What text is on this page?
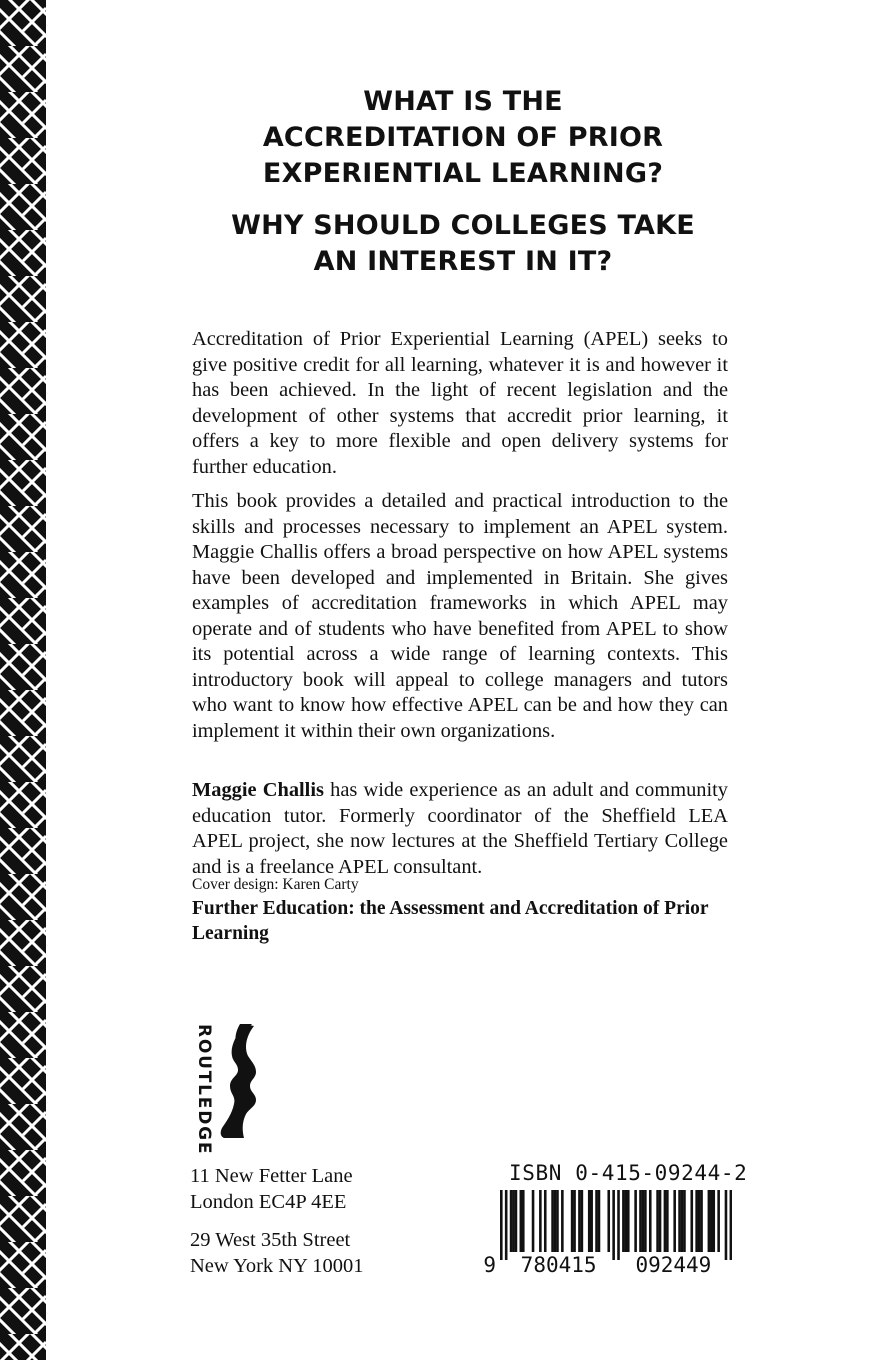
WHAT IS THE
ACCREDITATION OF PRIOR
EXPERIENTIAL LEARNING?
WHY SHOULD COLLEGES TAKE
AN INTEREST IN IT?

Accreditation of Prior Experiential Learning (APEL) seeks to give positive credit for all learning, whatever it is and however it has been achieved. In the light of recent legislation and the development of other systems that accredit prior learning, it offers a key to more flexible and open delivery systems for further education.

This book provides a detailed and practical introduction to the skills and processes necessary to implement an APEL system. Maggie Challis offers a broad perspective on how APEL systems have been developed and implemented in Britain. She gives examples of accreditation frameworks in which APEL may operate and of students who have benefited from APEL to show its potential across a wide range of learning contexts. This introductory book will appeal to college managers and tutors who want to know how effective APEL can be and how they can implement it within their own organizations.

Maggie Challis has wide experience as an adult and community education tutor. Formerly coordinator of the Sheffield LEA APEL project, she now lectures at the Sheffield Tertiary College and is a freelance APEL consultant.

Cover design: Karen Carty

Further Education: the Assessment and Accreditation of Prior Learning

ROUTLEDGE
11 New Fetter Lane
London EC4P 4EE
29 West 35th Street
New York NY 10001
ISBN 0-415-09244-2
9 780415 092449
